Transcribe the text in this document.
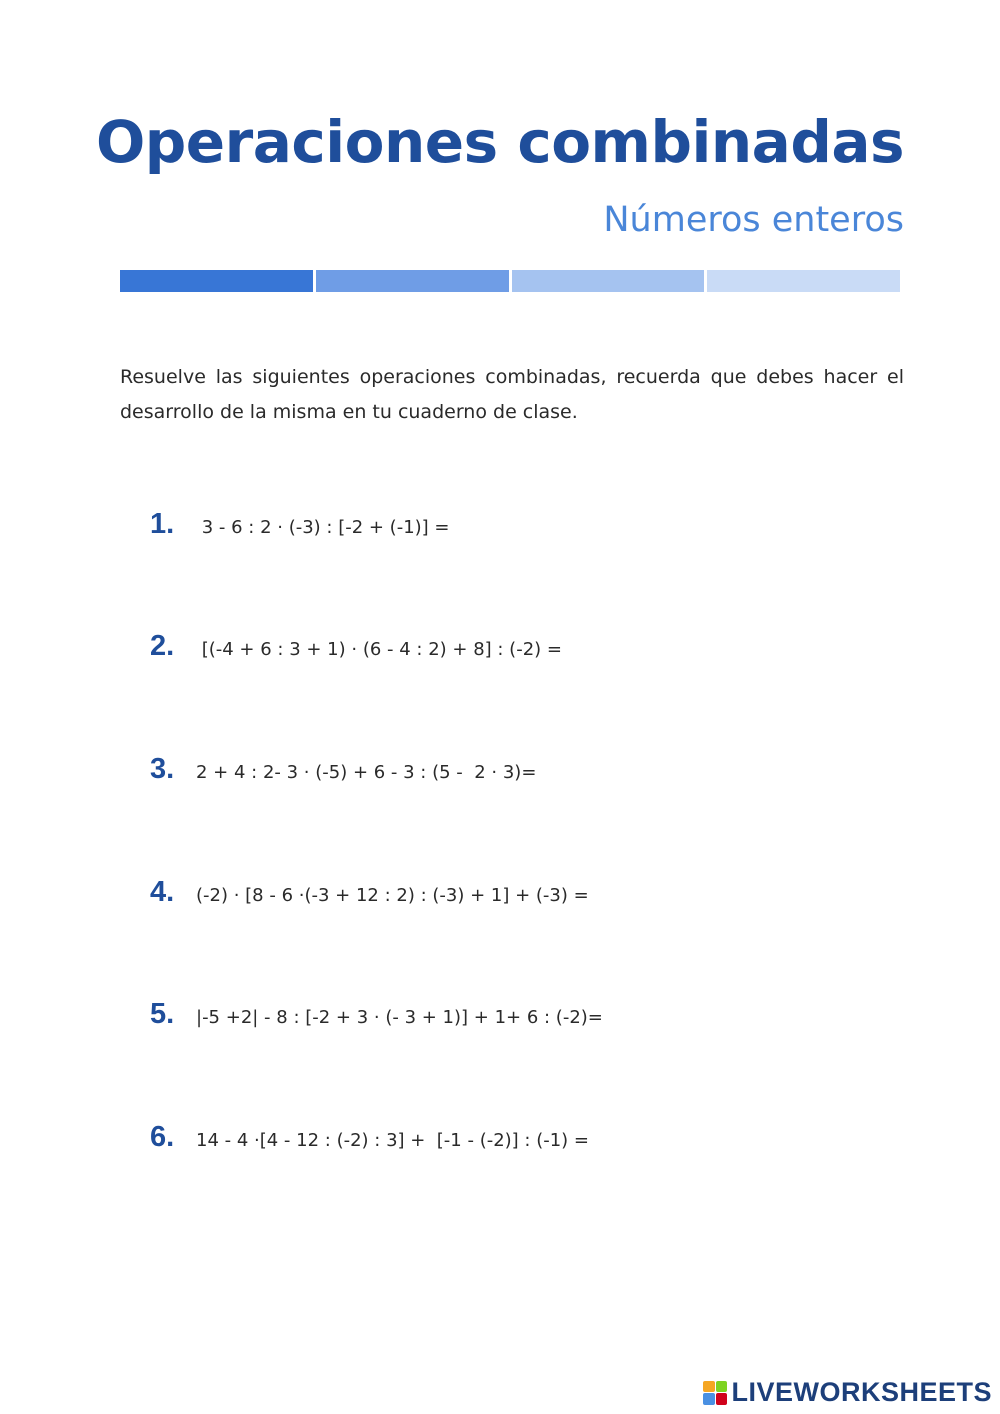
Operaciones combinadas
Números enteros

Resuelve las siguientes operaciones combinadas, recuerda que debes hacer el desarrollo de la misma en tu cuaderno de clase.

1.	3 - 6 : 2 · (-3) : [-2 + (-1)] =
2.	[(-4 + 6 : 3 + 1) · (6 - 4 : 2) + 8] : (-2) =
3.	2 + 4 : 2- 3 · (-5) + 6 - 3 : (5 -  2 · 3)=
4.	(-2) · [8 - 6 ·(-3 + 12 : 2) : (-3) + 1] + (-3) =
5.	|-5 +2| - 8 : [-2 + 3 · (- 3 + 1)] + 1+ 6 : (-2)=
6.	14 - 4 ·[4 - 12 : (-2) : 3] +  [-1 - (-2)] : (-1) =
LIVEWORKSHEETS
